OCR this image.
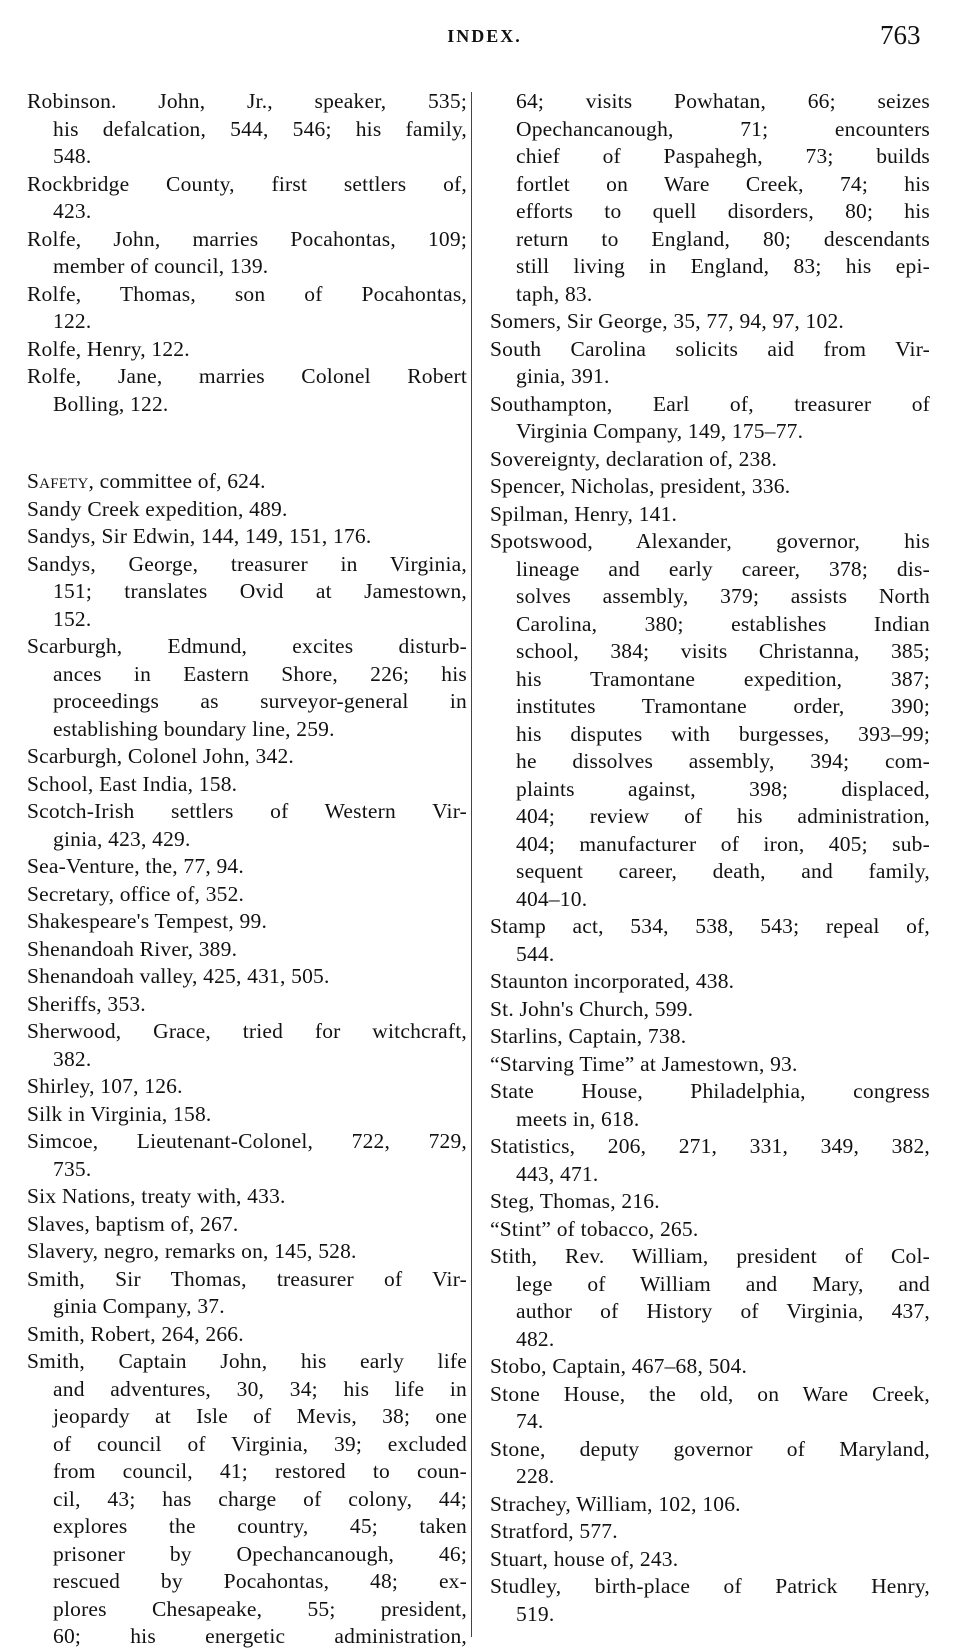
INDEX.	763
Robinson. John, Jr., speaker, 535;
his defalcation, 544, 546; his family,
548.
Rockbridge County, first settlers of,
423.
Rolfe, John, marries Pocahontas, 109;
member of council, 139.
Rolfe, Thomas, son of Pocahontas,
122.
Rolfe, Henry, 122.
Rolfe, Jane, marries Colonel Robert
Bolling, 122.
Safety, committee of, 624.
Sandy Creek expedition, 489.
Sandys, Sir Edwin, 144, 149, 151, 176.
Sandys, George, treasurer in Virginia,
151; translates Ovid at Jamestown,
152.
Scarburgh, Edmund, excites disturb-
ances in Eastern Shore, 226; his
proceedings as surveyor-general in
establishing boundary line, 259.
Scarburgh, Colonel John, 342.
School, East India, 158.
Scotch-Irish settlers of Western Vir-
ginia, 423, 429.
Sea-Venture, the, 77, 94.
Secretary, office of, 352.
Shakespeare's Tempest, 99.
Shenandoah River, 389.
Shenandoah valley, 425, 431, 505.
Sheriffs, 353.
Sherwood, Grace, tried for witchcraft,
382.
Shirley, 107, 126.
Silk in Virginia, 158.
Simcoe, Lieutenant-Colonel, 722, 729,
735.
Six Nations, treaty with, 433.
Slaves, baptism of, 267.
Slavery, negro, remarks on, 145, 528.
Smith, Sir Thomas, treasurer of Vir-
ginia Company, 37.
Smith, Robert, 264, 266.
Smith, Captain John, his early life
and adventures, 30, 34; his life in
jeopardy at Isle of Mevis, 38; one
of council of Virginia, 39; excluded
from council, 41; restored to coun-
cil, 43; has charge of colony, 44;
explores the country, 45; taken
prisoner by Opechancanough, 46;
rescued by Pocahontas, 48; ex-
plores Chesapeake, 55; president,
60; his energetic administration,
64; visits Powhatan, 66; seizes
Opechancanough, 71; encounters
chief of Paspahegh, 73; builds
fortlet on Ware Creek, 74; his
efforts to quell disorders, 80; his
return to England, 80; descendants
still living in England, 83; his epi-
taph, 83.
Somers, Sir George, 35, 77, 94, 97, 102.
South Carolina solicits aid from Vir-
ginia, 391.
Southampton, Earl of, treasurer of
Virginia Company, 149, 175–77.
Sovereignty, declaration of, 238.
Spencer, Nicholas, president, 336.
Spilman, Henry, 141.
Spotswood, Alexander, governor, his
lineage and early career, 378; dis-
solves assembly, 379; assists North
Carolina, 380; establishes Indian
school, 384; visits Christanna, 385;
his Tramontane expedition, 387;
institutes Tramontane order, 390;
his disputes with burgesses, 393–99;
he dissolves assembly, 394; com-
plaints against, 398; displaced,
404; review of his administration,
404; manufacturer of iron, 405; sub-
sequent career, death, and family,
404–10.
Stamp act, 534, 538, 543; repeal of,
544.
Staunton incorporated, 438.
St. John's Church, 599.
Starlins, Captain, 738.
“Starving Time” at Jamestown, 93.
State House, Philadelphia, congress
meets in, 618.
Statistics, 206, 271, 331, 349, 382,
443, 471.
Steg, Thomas, 216.
“Stint” of tobacco, 265.
Stith, Rev. William, president of Col-
lege of William and Mary, and
author of History of Virginia, 437,
482.
Stobo, Captain, 467–68, 504.
Stone House, the old, on Ware Creek,
74.
Stone, deputy governor of Maryland,
228.
Strachey, William, 102, 106.
Stratford, 577.
Stuart, house of, 243.
Studley, birth-place of Patrick Henry,
519.
